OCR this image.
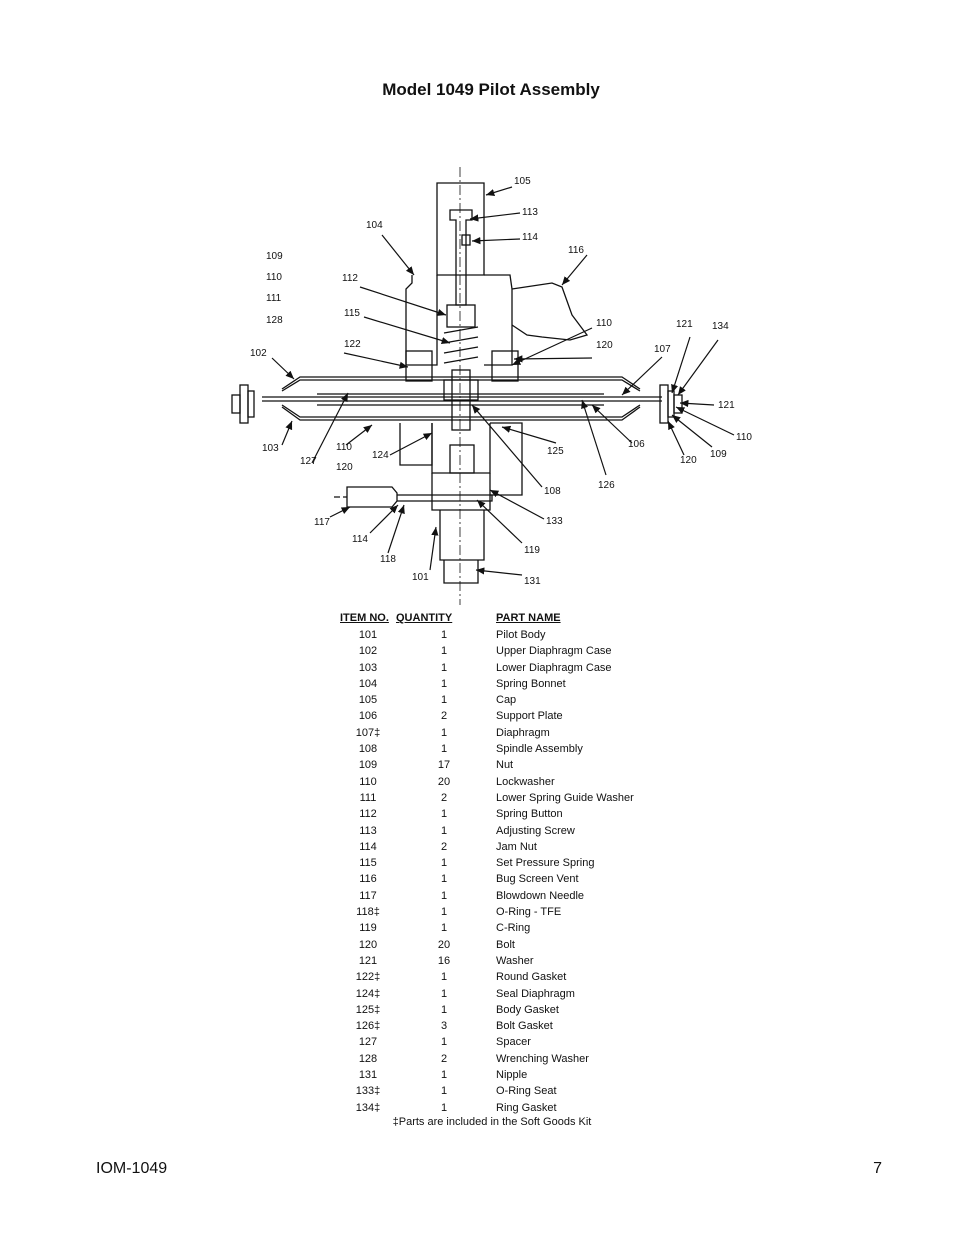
Model 1049 Pilot Assembly
105
113
114
104
116
109
110
111
128
112
115
122
102
110
120	107
121 134
121
110
109
120
106
126
125
108
103
127
110
120
124
133
119
131
117
114
118
101
ITEM NO.	QUANTITY	PART NAME
101	1	Pilot Body
102	1	Upper Diaphragm Case
103	1	Lower Diaphragm Case
104	1	Spring Bonnet
105	1	Cap
106	2	Support Plate
107‡	1	Diaphragm
108	1	Spindle Assembly
109	17	Nut
110	20	Lockwasher
111	2	Lower Spring Guide Washer
112	1	Spring Button
113	1	Adjusting Screw
114	2	Jam Nut
115	1	Set Pressure Spring
116	1	Bug Screen Vent
117	1	Blowdown Needle
118‡	1	O-Ring - TFE
119	1	C-Ring
120	20	Bolt
121	16	Washer
122‡	1	Round Gasket
124‡	1	Seal Diaphragm
125‡	1	Body Gasket
126‡	3	Bolt Gasket
127	1	Spacer
128	2	Wrenching Washer
131	1	Nipple
133‡	1	O-Ring Seat
134‡	1	Ring Gasket
‡Parts are included in the Soft Goods Kit
IOM-1049	7
